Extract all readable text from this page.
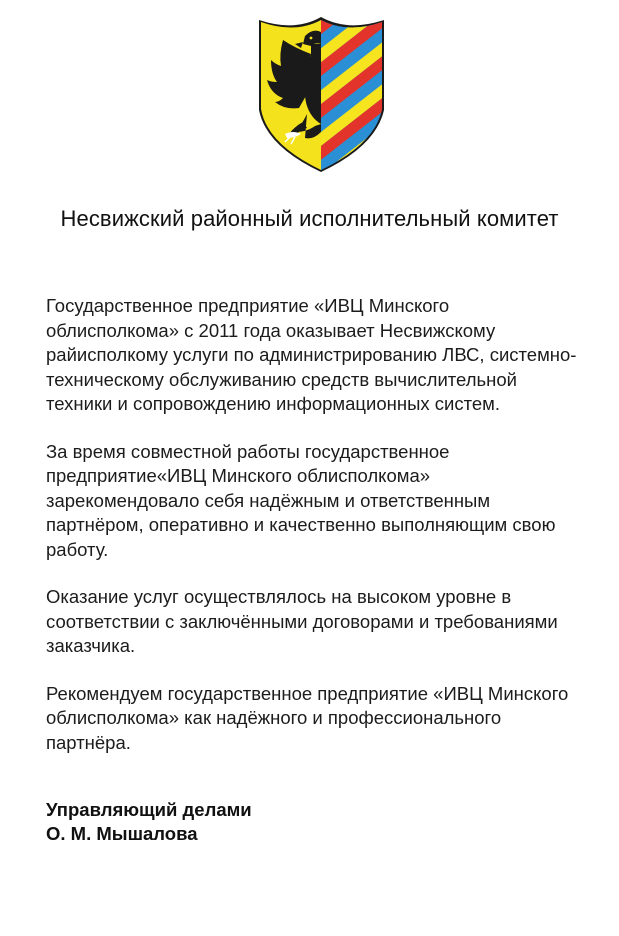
Несвижский районный исполнительный комитет

Государственное предприятие «ИВЦ Минского облисполкома» с 2011 года оказывает Несвижскому райисполкому услуги по администрированию ЛВС, системно-техническому обслуживанию средств вычислительной техники и сопровождению информационных систем.

За время совместной работы государственное предприятие«ИВЦ Минского облисполкома» зарекомендовало себя надёжным и ответственным партнёром, оперативно и качественно выполняющим свою работу.

Оказание услуг осуществлялось на высоком уровне в соответствии с заключёнными договорами и требованиями заказчика.

Рекомендуем государственное предприятие «ИВЦ Минского облисполкома» как надёжного и профессионального партнёра.

Управляющий делами
О. М. Мышалова
